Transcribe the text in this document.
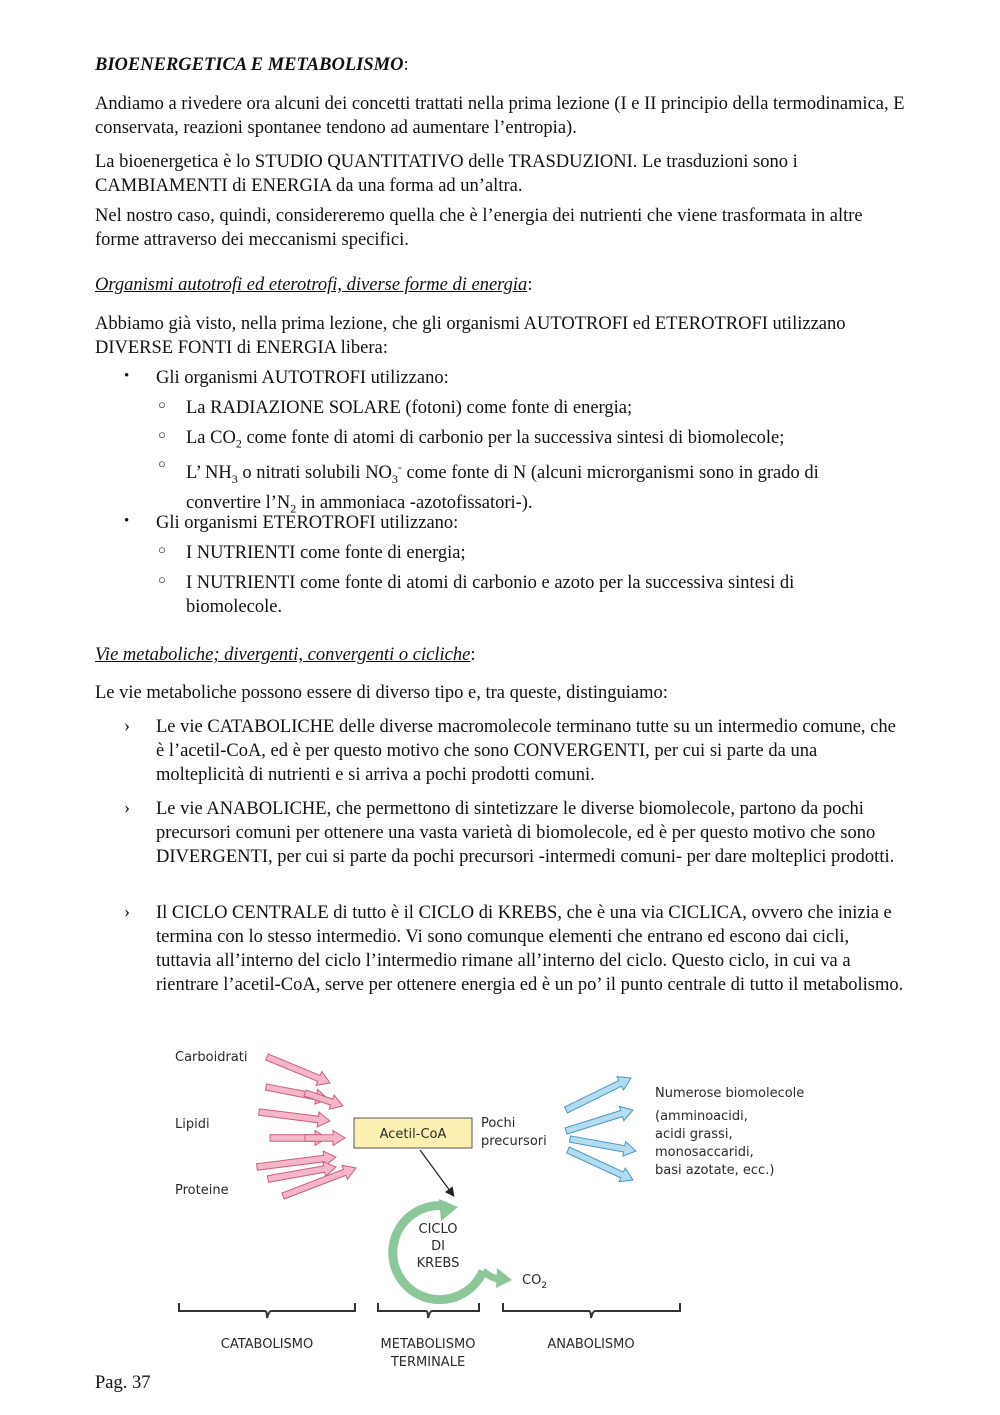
BIOENERGETICA E METABOLISMO:

Andiamo a rivedere ora alcuni dei concetti trattati nella prima lezione (I e II principio della termodinamica, E conservata, reazioni spontanee tendono ad aumentare l’entropia).

La bioenergetica è lo STUDIO QUANTITATIVO delle TRASDUZIONI. Le trasduzioni sono i CAMBIAMENTI di ENERGIA da una forma ad un’altra.

Nel nostro caso, quindi, considereremo quella che è l’energia dei nutrienti che viene trasformata in altre forme attraverso dei meccanismi specifici.

Organismi autotrofi ed eterotrofi, diverse forme di energia:

Abbiamo già visto, nella prima lezione, che gli organismi AUTOTROFI ed ETEROTROFI utilizzano DIVERSE FONTI di ENERGIA libera:

• Gli organismi AUTOTROFI utilizzano:
○ La RADIAZIONE SOLARE (fotoni) come fonte di energia;
○ La $CO_2$ come fonte di atomi di carbonio per la successiva sintesi di biomolecole;
○ L’ $NH_3$ o nitrati solubili $NO_3^-$ come fonte di N (alcuni microrganismi sono in grado di convertire $l’N_2$ in ammoniaca -azotofissatori-).
• Gli organismi ETEROTROFI utilizzano:
○ I NUTRIENTI come fonte di energia;
○ I NUTRIENTI come fonte di atomi di carbonio e azoto per la successiva sintesi di biomolecole.

Vie metaboliche; divergenti, convergenti o cicliche:

Le vie metaboliche possono essere di diverso tipo e, tra queste, distinguiamo:

› Le vie CATABOLICHE delle diverse macromolecole terminano tutte su un intermedio comune, che è l’acetil-CoA, ed è per questo motivo che sono CONVERGENTI, per cui si parte da una molteplicità di nutrienti e si arriva a pochi prodotti comuni.
› Le vie ANABOLICHE, che permettono di sintetizzare le diverse biomolecole, partono da pochi precursori comuni per ottenere una vasta varietà di biomolecole, ed è per questo motivo che sono DIVERGENTI, per cui si parte da pochi precursori -intermedi comuni- per dare molteplici prodotti.
› Il CICLO CENTRALE di tutto è il CICLO di KREBS, che è una via CICLICA, ovvero che inizia e termina con lo stesso intermedio. Vi sono comunque elementi che entrano ed escono dai cicli, tuttavia all’interno del ciclo l’intermedio rimane all’interno del ciclo. Questo ciclo, in cui va a rientrare l’acetil-CoA, serve per ottenere energia ed è un po’ il punto centrale di tutto il metabolismo.
Carboidrati
Lipidi
Proteine
Acetil-CoA
Pochi
precursori
Numerose biomolecole
(amminoacidi,
acidi grassi,
monosaccaridi,
basi azotate, ecc.)
CICLO
DI
KREBS
$CO_2$
CATABOLISMO	METABOLISMO
TERMINALE
ANABOLISMO
Pag. 37
